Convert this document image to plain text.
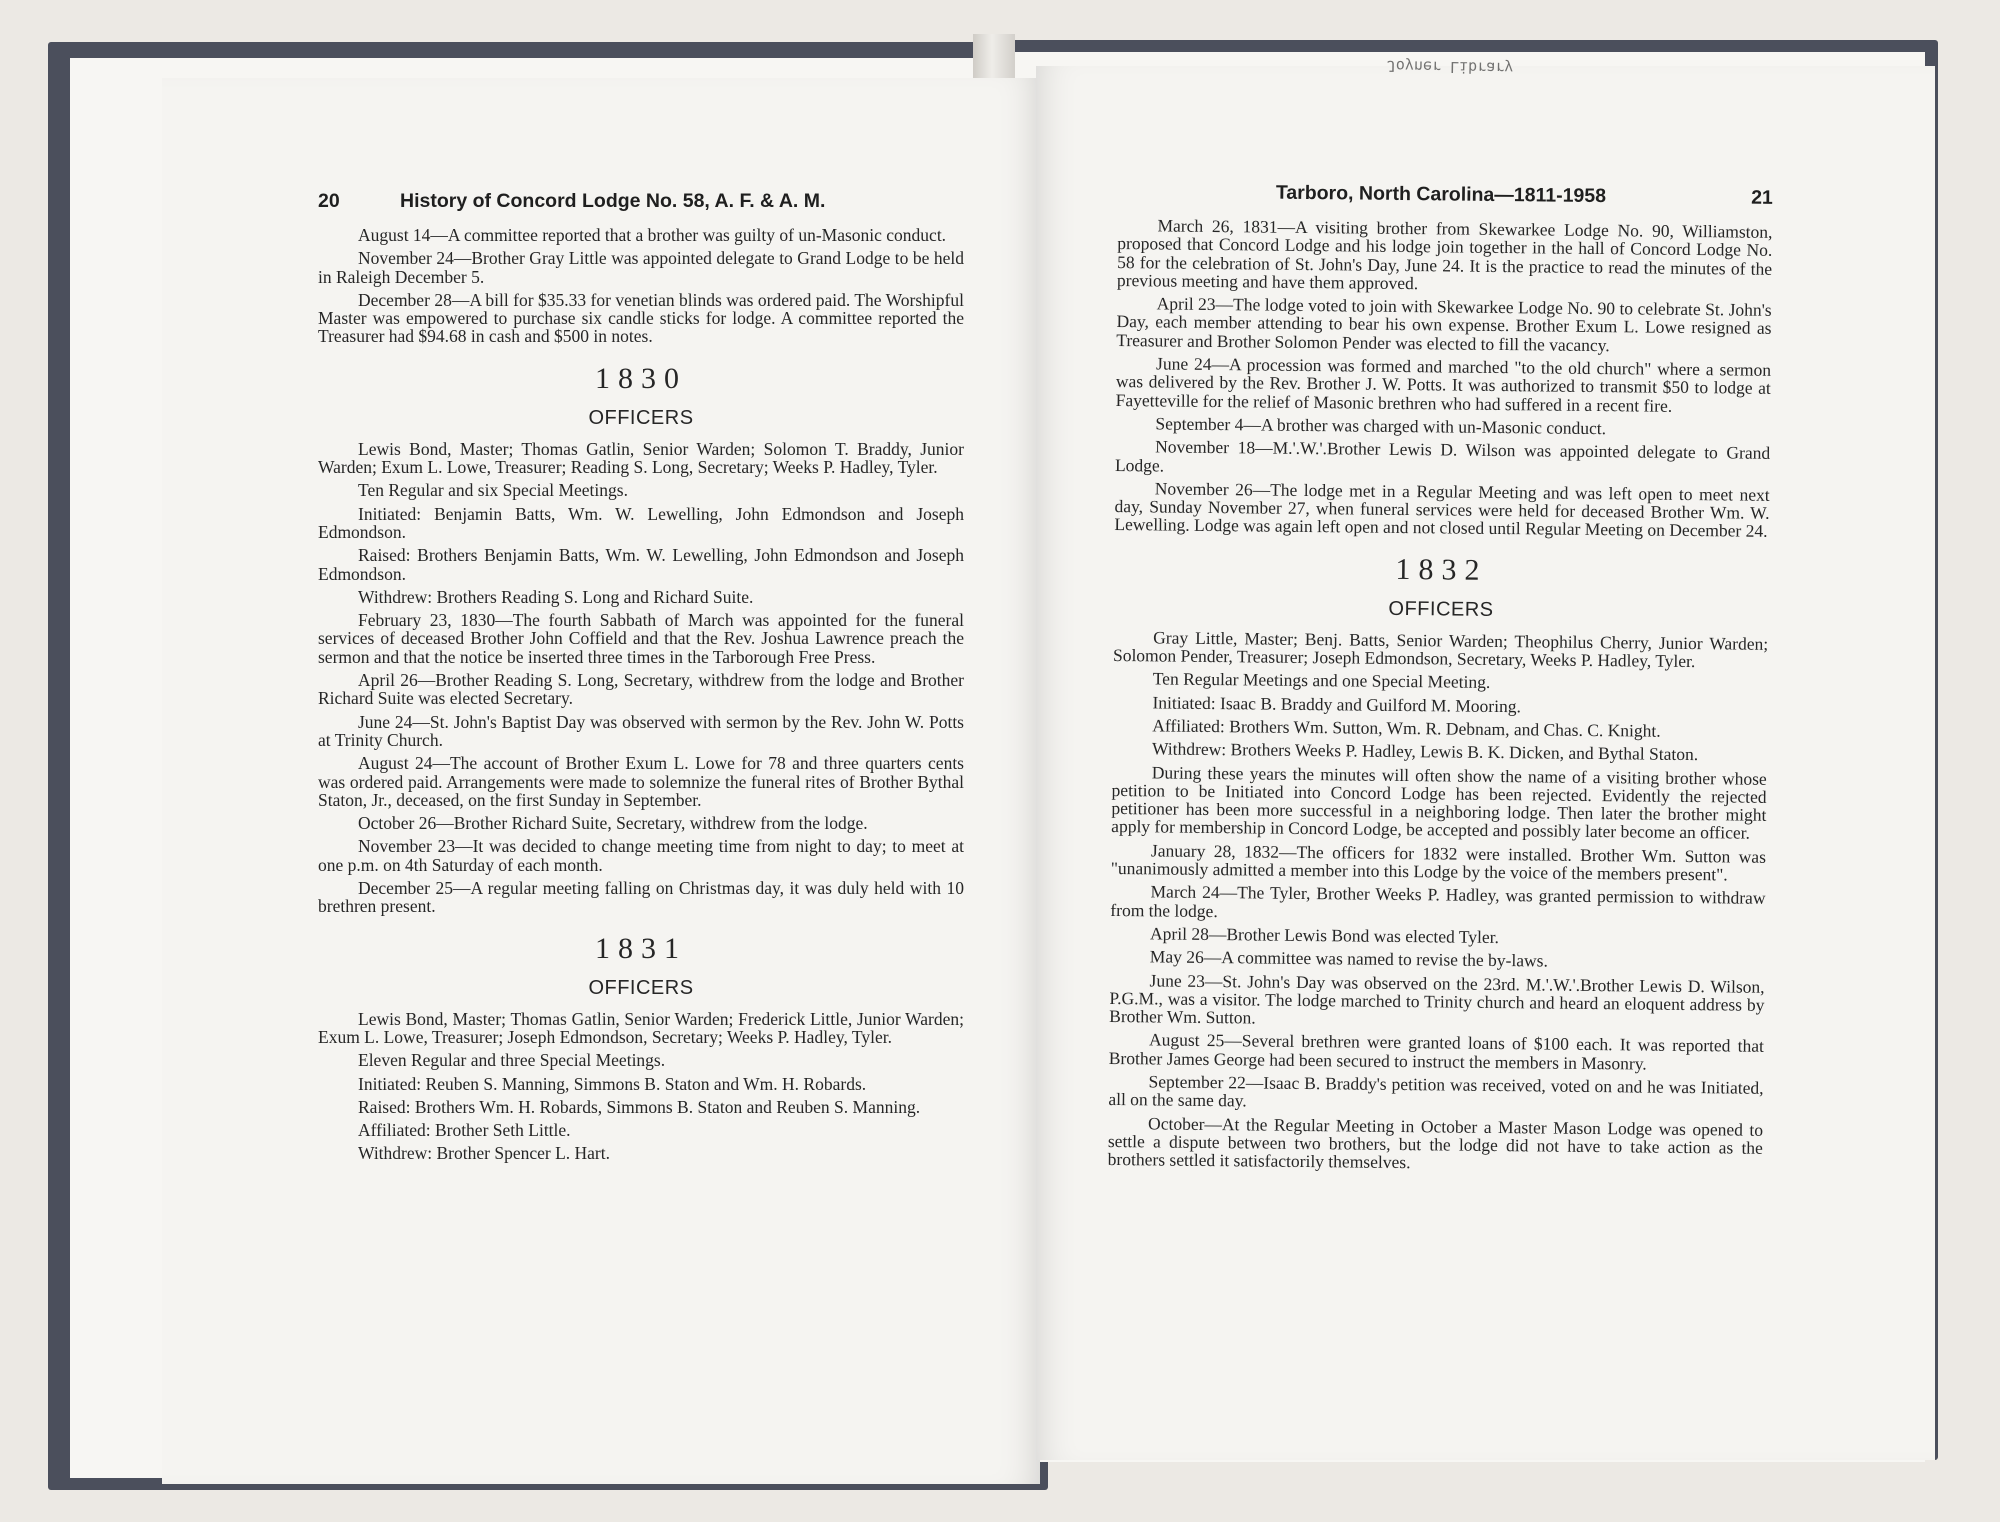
Joyner Library
20	History of Concord Lodge No. 58, A. F. & A. M.

August 14—A committee reported that a brother was guilty of un-Masonic conduct.

November 24—Brother Gray Little was appointed delegate to Grand Lodge to be held in Raleigh December 5.

December 28—A bill for $35.33 for venetian blinds was ordered paid. The Worshipful Master was empowered to purchase six candle sticks for lodge. A committee reported the Treasurer had $94.68 in cash and $500 in notes.

1830
OFFICERS

Lewis Bond, Master; Thomas Gatlin, Senior Warden; Solomon T. Braddy, Junior Warden; Exum L. Lowe, Treasurer; Reading S. Long, Secretary; Weeks P. Hadley, Tyler.

Ten Regular and six Special Meetings.

Initiated: Benjamin Batts, Wm. W. Lewelling, John Edmondson and Joseph Edmondson.

Raised: Brothers Benjamin Batts, Wm. W. Lewelling, John Edmondson and Joseph Edmondson.

Withdrew: Brothers Reading S. Long and Richard Suite.

February 23, 1830—The fourth Sabbath of March was appointed for the funeral services of deceased Brother John Coffield and that the Rev. Joshua Lawrence preach the sermon and that the notice be inserted three times in the Tarborough Free Press.

April 26—Brother Reading S. Long, Secretary, withdrew from the lodge and Brother Richard Suite was elected Secretary.

June 24—St. John's Baptist Day was observed with sermon by the Rev. John W. Potts at Trinity Church.

August 24—The account of Brother Exum L. Lowe for 78 and three quarters cents was ordered paid. Arrangements were made to solemnize the funeral rites of Brother Bythal Staton, Jr., deceased, on the first Sunday in September.

October 26—Brother Richard Suite, Secretary, withdrew from the lodge.

November 23—It was decided to change meeting time from night to day; to meet at one p.m. on 4th Saturday of each month.

December 25—A regular meeting falling on Christmas day, it was duly held with 10 brethren present.

1831
OFFICERS

Lewis Bond, Master; Thomas Gatlin, Senior Warden; Frederick Little, Junior Warden; Exum L. Lowe, Treasurer; Joseph Edmondson, Secretary; Weeks P. Hadley, Tyler.

Eleven Regular and three Special Meetings.

Initiated: Reuben S. Manning, Simmons B. Staton and Wm. H. Robards.

Raised: Brothers Wm. H. Robards, Simmons B. Staton and Reuben S. Manning.

Affiliated: Brother Seth Little.

Withdrew: Brother Spencer L. Hart.

Tarboro, North Carolina—1811-1958	21

March 26, 1831—A visiting brother from Skewarkee Lodge No. 90, Williamston, proposed that Concord Lodge and his lodge join together in the hall of Concord Lodge No. 58 for the celebration of St. John's Day, June 24. It is the practice to read the minutes of the previous meeting and have them approved.

April 23—The lodge voted to join with Skewarkee Lodge No. 90 to celebrate St. John's Day, each member attending to bear his own expense. Brother Exum L. Lowe resigned as Treasurer and Brother Solomon Pender was elected to fill the vacancy.

June 24—A procession was formed and marched "to the old church" where a sermon was delivered by the Rev. Brother J. W. Potts. It was authorized to transmit $50 to lodge at Fayetteville for the relief of Masonic brethren who had suffered in a recent fire.

September 4—A brother was charged with un-Masonic conduct.

November 18—M.'.W.'.Brother Lewis D. Wilson was appointed delegate to Grand Lodge.

November 26—The lodge met in a Regular Meeting and was left open to meet next day, Sunday November 27, when funeral services were held for deceased Brother Wm. W. Lewelling. Lodge was again left open and not closed until Regular Meeting on December 24.

1832
OFFICERS

Gray Little, Master; Benj. Batts, Senior Warden; Theophilus Cherry, Junior Warden; Solomon Pender, Treasurer; Joseph Edmondson, Secretary, Weeks P. Hadley, Tyler.

Ten Regular Meetings and one Special Meeting.

Initiated: Isaac B. Braddy and Guilford M. Mooring.

Affiliated: Brothers Wm. Sutton, Wm. R. Debnam, and Chas. C. Knight.

Withdrew: Brothers Weeks P. Hadley, Lewis B. K. Dicken, and Bythal Staton.

During these years the minutes will often show the name of a visiting brother whose petition to be Initiated into Concord Lodge has been rejected. Evidently the rejected petitioner has been more successful in a neighboring lodge. Then later the brother might apply for membership in Concord Lodge, be accepted and possibly later become an officer.

January 28, 1832—The officers for 1832 were installed. Brother Wm. Sutton was "unanimously admitted a member into this Lodge by the voice of the members present".

March 24—The Tyler, Brother Weeks P. Hadley, was granted permission to withdraw from the lodge.

April 28—Brother Lewis Bond was elected Tyler.

May 26—A committee was named to revise the by-laws.

June 23—St. John's Day was observed on the 23rd. M.'.W.'.Brother Lewis D. Wilson, P.G.M., was a visitor. The lodge marched to Trinity church and heard an eloquent address by Brother Wm. Sutton.

August 25—Several brethren were granted loans of $100 each. It was reported that Brother James George had been secured to instruct the members in Masonry.

September 22—Isaac B. Braddy's petition was received, voted on and he was Initiated, all on the same day.

October—At the Regular Meeting in October a Master Mason Lodge was opened to settle a dispute between two brothers, but the lodge did not have to take action as the brothers settled it satisfactorily themselves.
